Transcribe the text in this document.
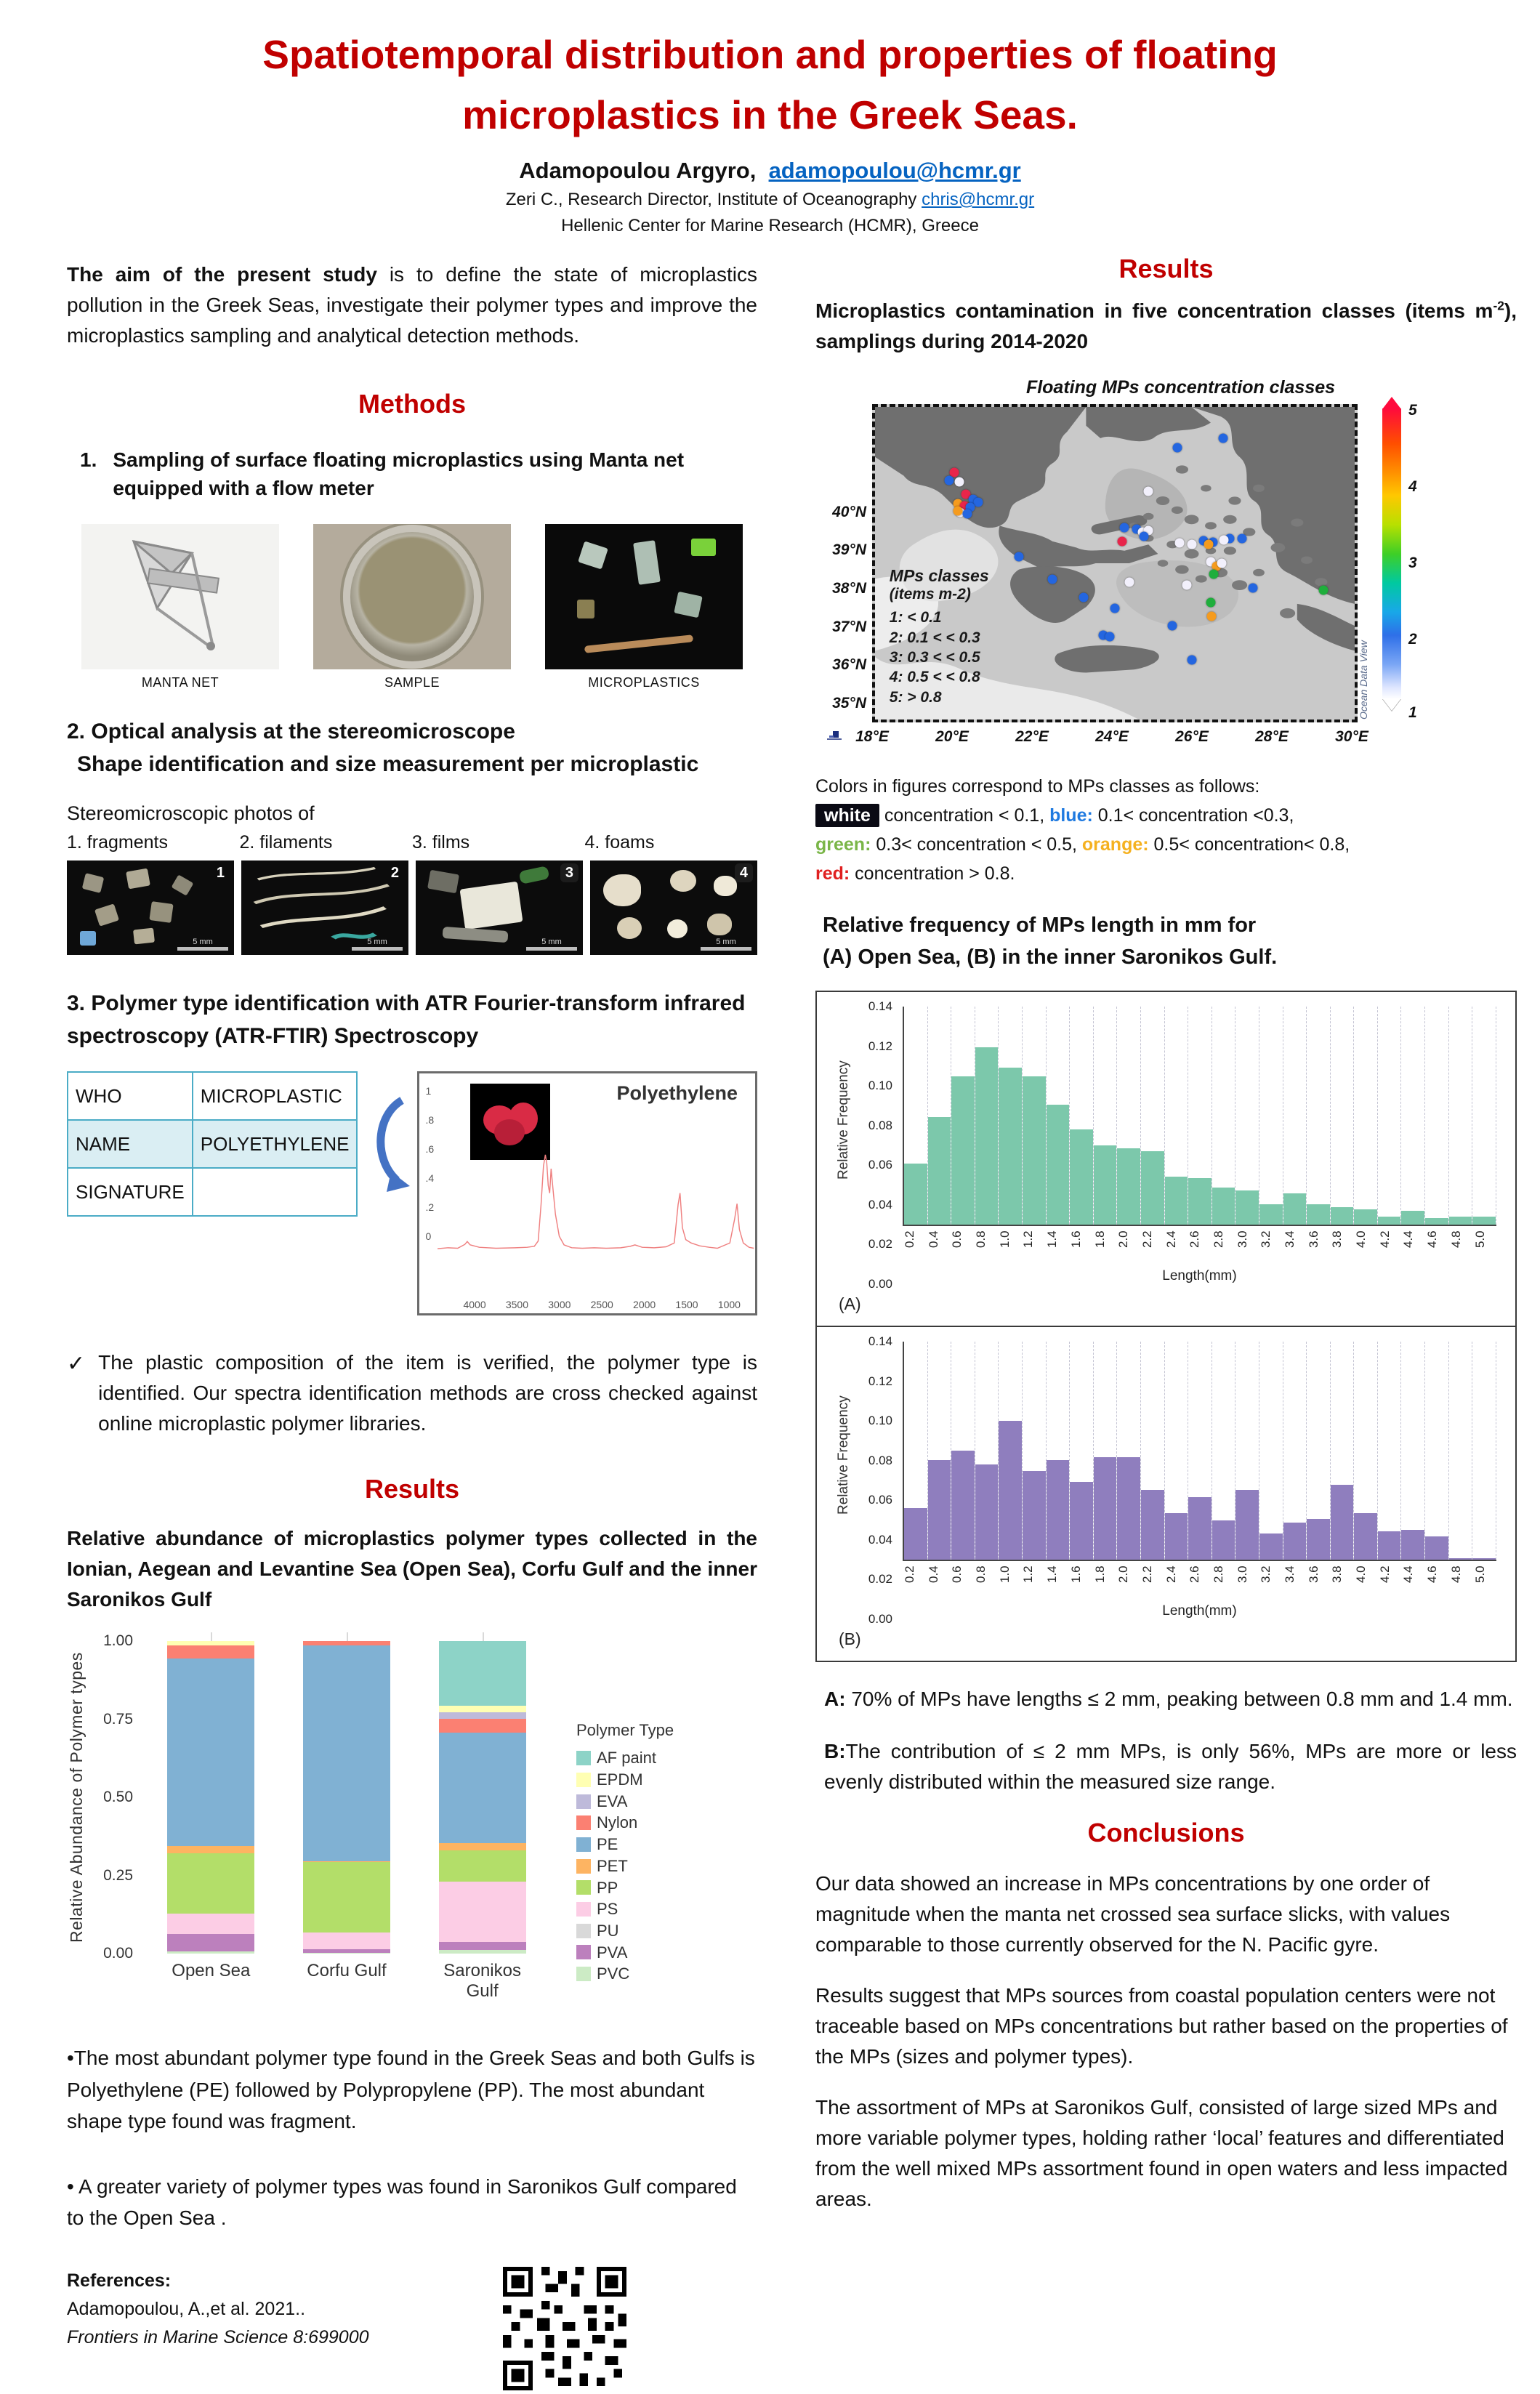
Spatiotemporal distribution and properties of floating
microplastics in the Greek Seas.
Adamopoulou Argyro, adamopoulou@hcmr.gr
Zeri C., Research Director, Institute of Oceanography chris@hcmr.gr
Hellenic Center for Marine Research (HCMR), Greece

The aim of the present study is to define the state of microplastics pollution in the Greek Seas, investigate their polymer types and improve the microplastics sampling and analytical detection methods.

Methods
1. Sampling of surface floating microplastics using Manta net equipped with a flow meter
MANTA NET	SAMPLE	MICROPLASTICS
2. Optical analysis at the stereomicroscope
Shape identification and size measurement per microplastic
Stereomicroscopic photos of
1. fragments	2. filaments	3. films	4. foams
1
5 mm
2
5 mm
3
5 mm
4
5 mm
3. Polymer type identification with ATR Fourier-transform infrared spectroscopy (ATR-FTIR) Spectroscopy
WHO	MICROPLASTIC
NAME	POLYETHYLENE
SIGNATURE	
Polyethylene
1
.8
.6
.4
.2
0
4000 3500 3000 2500 2000 1500 1000
✓ The plastic composition of the item is verified, the polymer type is identified. Our spectra identification methods are cross checked against online microplastic polymer libraries.
Results

Relative abundance of microplastics polymer types collected in the Ionian, Aegean and Levantine Sea (Open Sea), Corfu Gulf and the inner Saronikos Gulf

Relative Abundance of Polymer types
0.00
0.25
0.50
0.75
1.00
Open Sea	Corfu Gulf	Saronikos Gulf
Polymer Type
AF paint
EPDM
EVA
Nylon
PE
PET
PP
PS
PU
PVA
PVC

•The most abundant polymer type found in the Greek Seas and both Gulfs is Polyethylene (PE) followed by Polypropylene (PP). The most abundant shape type found was fragment.

• A greater variety of polymer types was found in Saronikos Gulf compared to the Open Sea .

References:
Adamopoulou, A.,et al. 2021..
Frontiers in Marine Science 8:699000
Results

Microplastics contamination in five concentration classes (items $m^{-2}$), samplings during 2014-2020

Floating MPs concentration classes
40°N
39°N
38°N
37°N
36°N
35°N
MPs classes
(items m-2)
1: < 0.1
2: 0.1 < < 0.3
3: 0.3 < < 0.5
4: 0.5 < < 0.8
5: > 0.8	Ocean Data View
5
4
3
2
1
18°E	20°E	22°E	24°E	26°E	28°E	30°E
Colors in figures correspond to MPs classes as follows:
white concentration < 0.1, blue: 0.1< concentration <0.3,
green: 0.3< concentration < 0.5, orange: 0.5< concentration< 0.8,
red: concentration > 0.8.
Relative frequency of MPs length in mm for
(A) Open Sea, (B) in the inner Saronikos Gulf.
Relative Frequency
0.00
0.02
0.04
0.06
0.08
0.10
0.12
0.14
0.2 0.4 0.6 0.8 1.0 1.2 1.4 1.6 1.8 2.0 2.2 2.4 2.6 2.8 3.0 3.2 3.4 3.6 3.8 4.0 4.2 4.4 4.6 4.8 5.0
Length(mm)
(A)
Relative Frequency
0.00
0.02
0.04
0.06
0.08
0.10
0.12
0.14
0.2 0.4 0.6 0.8 1.0 1.2 1.4 1.6 1.8 2.0 2.2 2.4 2.6 2.8 3.0 3.2 3.4 3.6 3.8 4.0 4.2 4.4 4.6 4.8 5.0
Length(mm)
(B)

A: 70% of MPs have lengths ≤ 2 mm, peaking between 0.8 mm and 1.4 mm.

B:The contribution of ≤ 2 mm MPs, is only 56%, MPs are more or less evenly distributed within the measured size range.

Conclusions

Our data showed an increase in MPs concentrations by one order of magnitude when the manta net crossed sea surface slicks, with values comparable to those currently observed for the N. Pacific gyre.

Results suggest that MPs sources from coastal population centers were not traceable based on MPs concentrations but rather based on the properties of the MPs (sizes and polymer types).

The assortment of MPs at Saronikos Gulf, consisted of large sized MPs and more variable polymer types, holding rather ‘local’ features and differentiated from the well mixed MPs assortment found in open waters and less impacted areas.
